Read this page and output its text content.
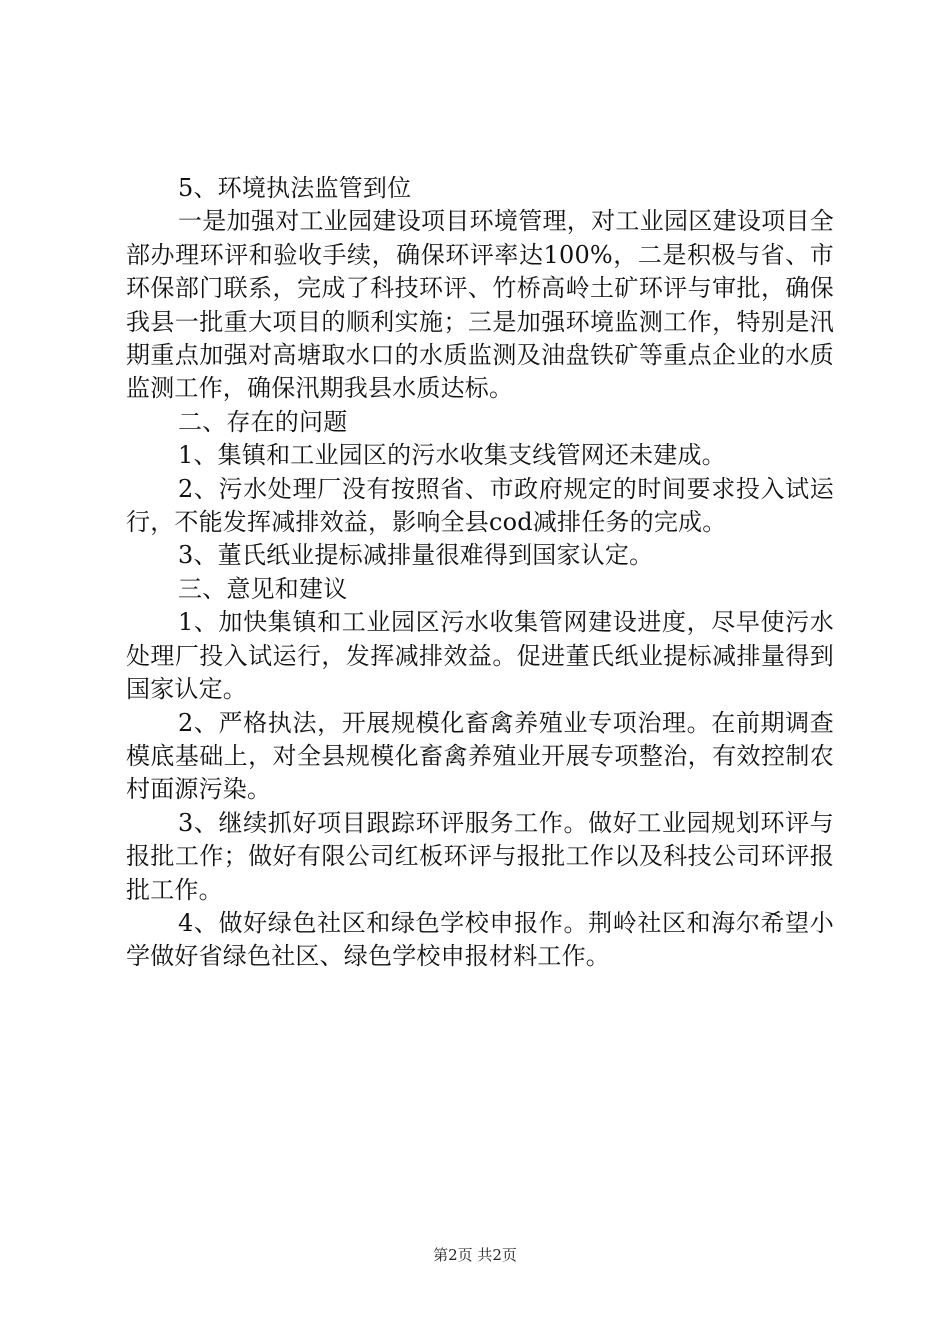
5、环境执法监管到位

一是加强对工业园建设项目环境管理，对工业园区建设项目全部办理环评和验收手续，确保环评率达100%，二是积极与省、市环保部门联系，完成了科技环评、竹桥高岭土矿环评与审批，确保我县一批重大项目的顺利实施；三是加强环境监测工作，特别是汛期重点加强对高塘取水口的水质监测及油盘铁矿等重点企业的水质监测工作，确保汛期我县水质达标。

二、存在的问题

1、集镇和工业园区的污水收集支线管网还未建成。

2、污水处理厂没有按照省、市政府规定的时间要求投入试运行，不能发挥减排效益，影响全县cod减排任务的完成。

3、董氏纸业提标减排量很难得到国家认定。

三、意见和建议

1、加快集镇和工业园区污水收集管网建设进度，尽早使污水处理厂投入试运行，发挥减排效益。促进董氏纸业提标减排量得到国家认定。

2、严格执法，开展规模化畜禽养殖业专项治理。在前期调查模底基础上，对全县规模化畜禽养殖业开展专项整治，有效控制农村面源污染。

3、继续抓好项目跟踪环评服务工作。做好工业园规划环评与报批工作；做好有限公司红板环评与报批工作以及科技公司环评报批工作。

4、做好绿色社区和绿色学校申报作。荆岭社区和海尔希望小学做好省绿色社区、绿色学校申报材料工作。

第2页 共2页
